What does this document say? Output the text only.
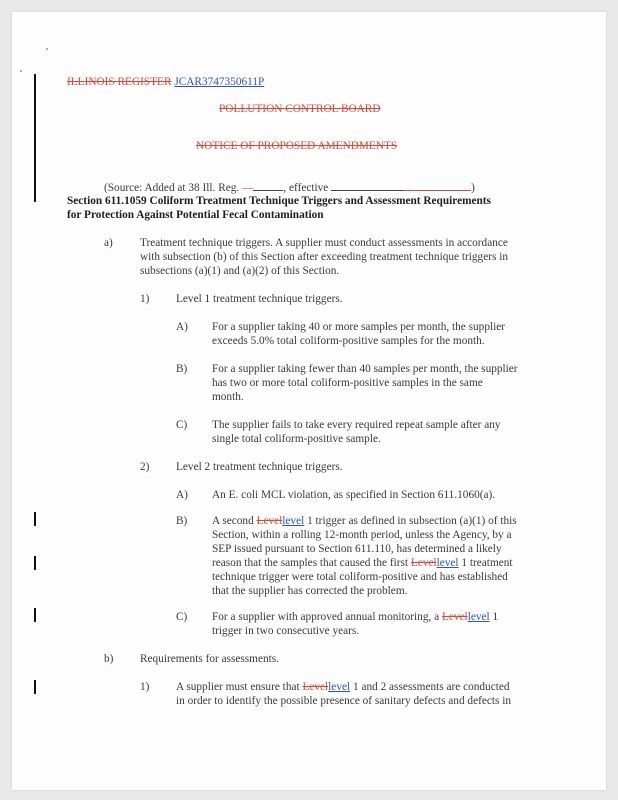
ILLINOIS REGISTER JCAR3747350611P
POLLUTION CONTROL BOARD
NOTICE OF PROPOSED AMENDMENTS
(Source: Added at 38 Ill. Reg. —	, effective	)
Section 611.1059 Coliform Treatment Technique Triggers and Assessment Requirements
for Protection Against Potential Fecal Contamination
a) Treatment technique triggers. A supplier must conduct assessments in accordance
with subsection (b) of this Section after exceeding treatment technique triggers in
subsections (a)(1) and (a)(2) of this Section.
1) Level 1 treatment technique triggers.
A) For a supplier taking 40 or more samples per month, the supplier
exceeds 5.0% total coliform-positive samples for the month.
B) For a supplier taking fewer than 40 samples per month, the supplier
has two or more total coliform-positive samples in the same
month.
C) The supplier fails to take every required repeat sample after any
single total coliform-positive sample.
2) Level 2 treatment technique triggers.
A) An E. coli MCL violation, as specified in Section 611.1060(a).
B) A second Levellevel 1 trigger as defined in subsection (a)(1) of this
Section, within a rolling 12-month period, unless the Agency, by a
SEP issued pursuant to Section 611.110, has determined a likely
reason that the samples that caused the first Levellevel 1 treatment
technique trigger were total coliform-positive and has established
that the supplier has corrected the problem.
C) For a supplier with approved annual monitoring, a Levellevel 1
trigger in two consecutive years.
b) Requirements for assessments.
1) A supplier must ensure that Levellevel 1 and 2 assessments are conducted
in order to identify the possible presence of sanitary defects and defects in
